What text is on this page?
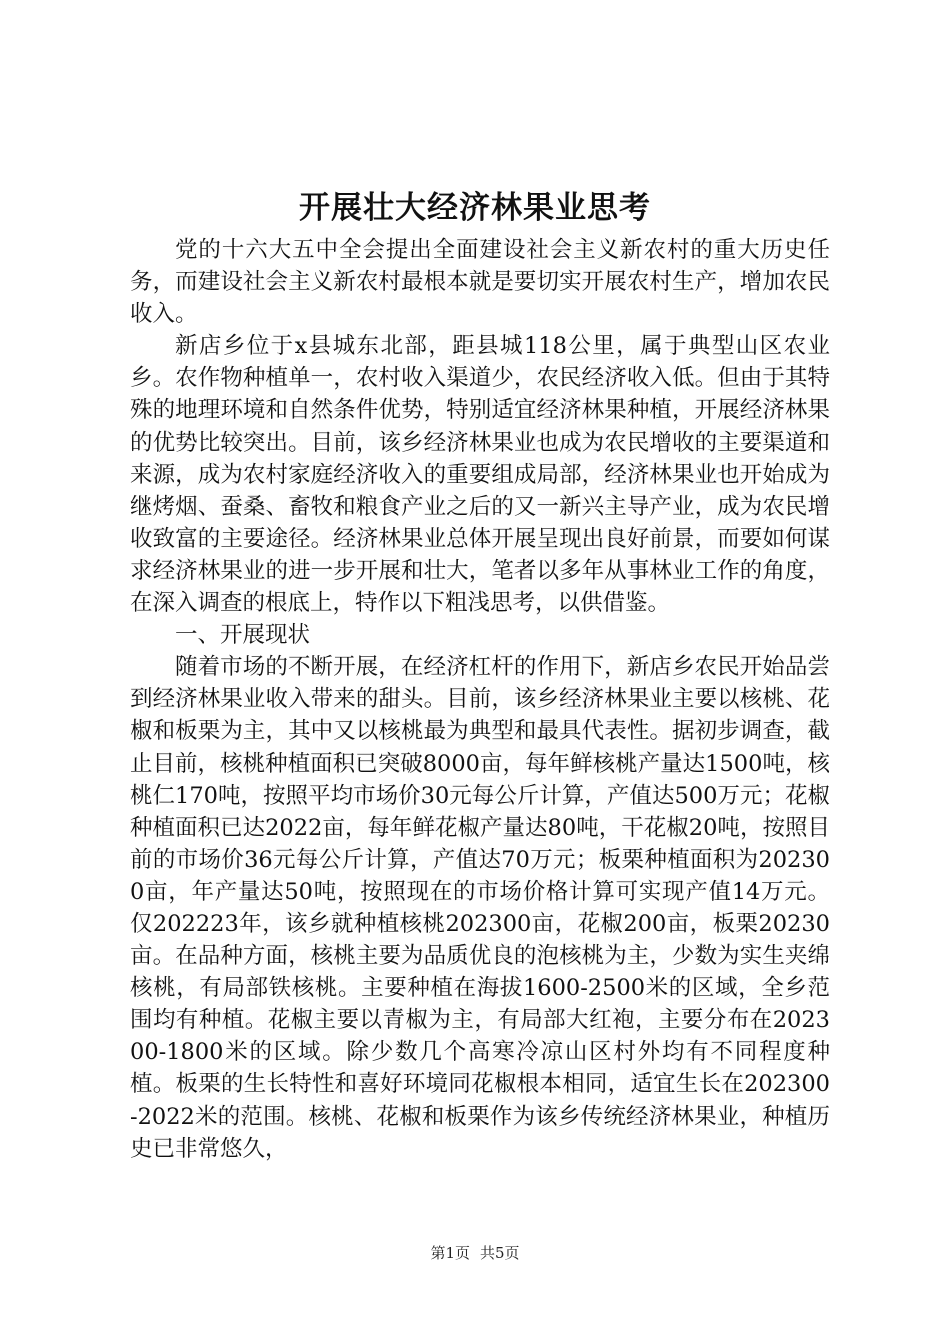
开展壮大经济林果业思考

党的十六大五中全会提出全面建设社会主义新农村的重大历史任务，而建设社会主义新农村最根本就是要切实开展农村生产，增加农民收入。

新店乡位于x县城东北部，距县城118公里，属于典型山区农业乡。农作物种植单一，农村收入渠道少，农民经济收入低。但由于其特殊的地理环境和自然条件优势，特别适宜经济林果种植，开展经济林果的优势比较突出。目前，该乡经济林果业也成为农民增收的主要渠道和来源，成为农村家庭经济收入的重要组成局部，经济林果业也开始成为继烤烟、蚕桑、畜牧和粮食产业之后的又一新兴主导产业，成为农民增收致富的主要途径。经济林果业总体开展呈现出良好前景，而要如何谋求经济林果业的进一步开展和壮大，笔者以多年从事林业工作的角度，在深入调查的根底上，特作以下粗浅思考，以供借鉴。

一、开展现状

随着市场的不断开展，在经济杠杆的作用下，新店乡农民开始品尝到经济林果业收入带来的甜头。目前，该乡经济林果业主要以核桃、花椒和板栗为主，其中又以核桃最为典型和最具代表性。据初步调查，截止目前，核桃种植面积已突破8000亩，每年鲜核桃产量达1500吨，核桃仁170吨，按照平均市场价30元每公斤计算，产值达500万元；花椒种植面积已达2022亩，每年鲜花椒产量达80吨，干花椒20吨，按照目前的市场价36元每公斤计算，产值达70万元；板栗种植面积为202300亩，年产量达50吨，按照现在的市场价格计算可实现产值14万元。仅202223年，该乡就种植核桃202300亩，花椒200亩，板栗20230亩。在品种方面，核桃主要为品质优良的泡核桃为主，少数为实生夹绵核桃，有局部铁核桃。主要种植在海拔1600-2500米的区域，全乡范围均有种植。花椒主要以青椒为主，有局部大红袍，主要分布在202300-1800米的区域。除少数几个高寒冷凉山区村外均有不同程度种植。板栗的生长特性和喜好环境同花椒根本相同，适宜生长在202300-2022米的范围。核桃、花椒和板栗作为该乡传统经济林果业，种植历史已非常悠久，

第1页 共5页
